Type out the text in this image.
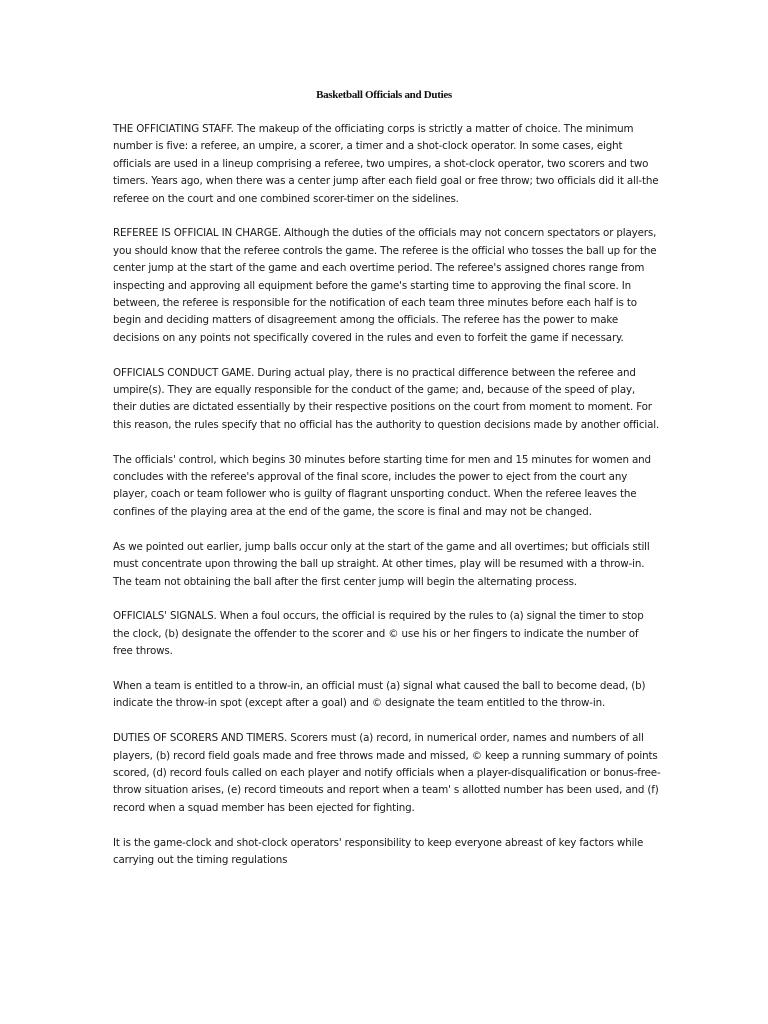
Basketball Officials and Duties

THE OFFICIATING STAFF. The makeup of the officiating corps is strictly a matter of choice. The minimum number is five: a referee, an umpire, a scorer, a timer and a shot-clock operator. In some cases, eight officials are used in a lineup comprising a referee, two umpires, a shot-clock operator, two scorers and two timers. Years ago, when there was a center jump after each field goal or free throw; two officials did it all-the referee on the court and one combined scorer-timer on the sidelines.

REFEREE IS OFFICIAL IN CHARGE. Although the duties of the officials may not concern spectators or players, you should know that the referee controls the game. The referee is the official who tosses the ball up for the center jump at the start of the game and each overtime period. The referee's assigned chores range from inspecting and approving all equipment before the game's starting time to approving the final score. In between, the referee is responsible for the notification of each team three minutes before each half is to begin and deciding matters of disagreement among the officials. The referee has the power to make decisions on any points not specifically covered in the rules and even to forfeit the game if necessary.

OFFICIALS CONDUCT GAME. During actual play, there is no practical difference between the referee and umpire(s). They are equally responsible for the conduct of the game; and, because of the speed of play, their duties are dictated essentially by their respective positions on the court from moment to moment. For this reason, the rules specify that no official has the authority to question decisions made by another official.

The officials' control, which begins 30 minutes before starting time for men and 15 minutes for women and concludes with the referee's approval of the final score, includes the power to eject from the court any player, coach or team follower who is guilty of flagrant unsporting conduct. When the referee leaves the confines of the playing area at the end of the game, the score is final and may not be changed.

As we pointed out earlier, jump balls occur only at the start of the game and all overtimes; but officials still must concentrate upon throwing the ball up straight. At other times, play will be resumed with a throw-in. The team not obtaining the ball after the first center jump will begin the alternating process.

OFFICIALS' SIGNALS. When a foul occurs, the official is required by the rules to (a) signal the timer to stop the clock, (b) designate the offender to the scorer and © use his or her fingers to indicate the number of free throws.

When a team is entitled to a throw-in, an official must (a) signal what caused the ball to become dead, (b) indicate the throw-in spot (except after a goal) and © designate the team entitled to the throw-in.

DUTIES OF SCORERS AND TIMERS. Scorers must (a) record, in numerical order, names and numbers of all players, (b) record field goals made and free throws made and missed, © keep a running summary of points scored, (d) record fouls called on each player and notify officials when a player-disqualification or bonus-free-throw situation arises, (e) record timeouts and report when a team' s allotted number has been used, and (f) record when a squad member has been ejected for fighting.

It is the game-clock and shot-clock operators' responsibility to keep everyone abreast of key factors while carrying out the timing regulations
